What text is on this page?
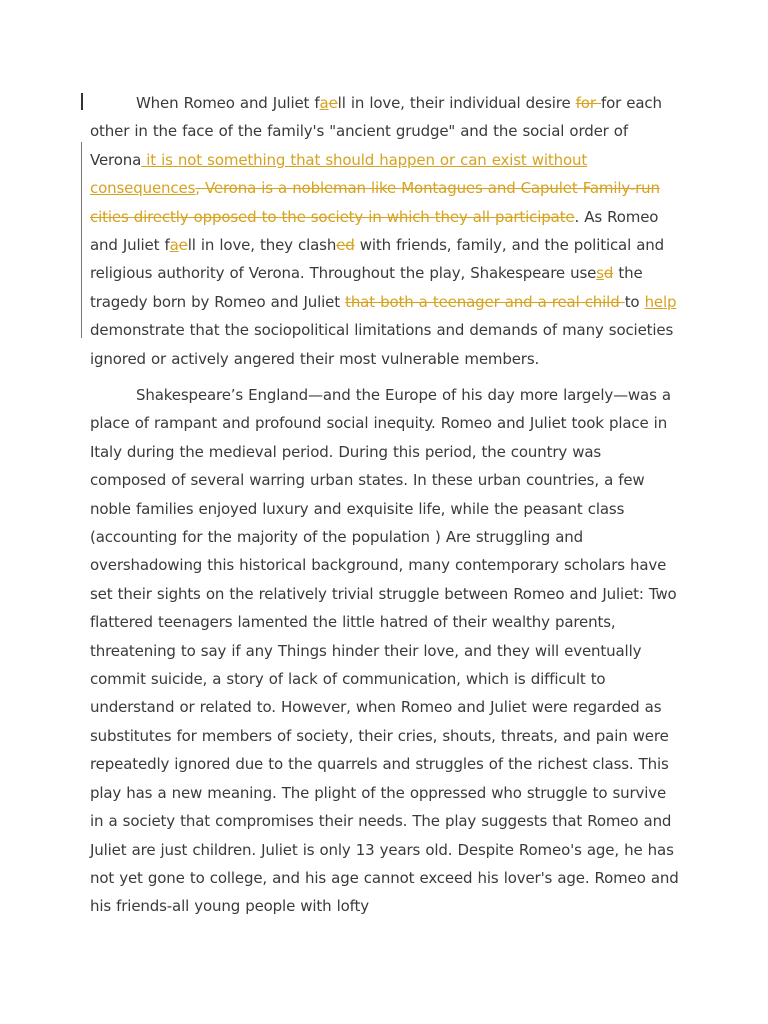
When Romeo and Juliet faell in love, their individual desire for for each other in the face of the family's "ancient grudge" and the social order of Verona it is not something that should happen or can exist without consequences, Verona is a nobleman like Montagues and Capulet Family-run cities directly opposed to the society in which they all participate. As Romeo and Juliet faell in love, they clashed with friends, family, and the political and religious authority of Verona. Throughout the play, Shakespeare usesd the tragedy born by Romeo and Juliet that both a teenager and a real child to help demonstrate that the sociopolitical limitations and demands of many societies ignored or actively angered their most vulnerable members.

Shakespeare’s England—and the Europe of his day more largely—was a place of rampant and profound social inequity. Romeo and Juliet took place in Italy during the medieval period. During this period, the country was composed of several warring urban states. In these urban countries, a few noble families enjoyed luxury and exquisite life, while the peasant class (accounting for the majority of the population ) Are struggling and overshadowing this historical background, many contemporary scholars have set their sights on the relatively trivial struggle between Romeo and Juliet: Two flattered teenagers lamented the little hatred of their wealthy parents, threatening to say if any Things hinder their love, and they will eventually commit suicide, a story of lack of communication, which is difficult to understand or related to. However, when Romeo and Juliet were regarded as substitutes for members of society, their cries, shouts, threats, and pain were repeatedly ignored due to the quarrels and struggles of the richest class. This play has a new meaning. The plight of the oppressed who struggle to survive in a society that compromises their needs. The play suggests that Romeo and Juliet are just children. Juliet is only 13 years old. Despite Romeo's age, he has not yet gone to college, and his age cannot exceed his lover's age. Romeo and his friends-all young people with lofty
